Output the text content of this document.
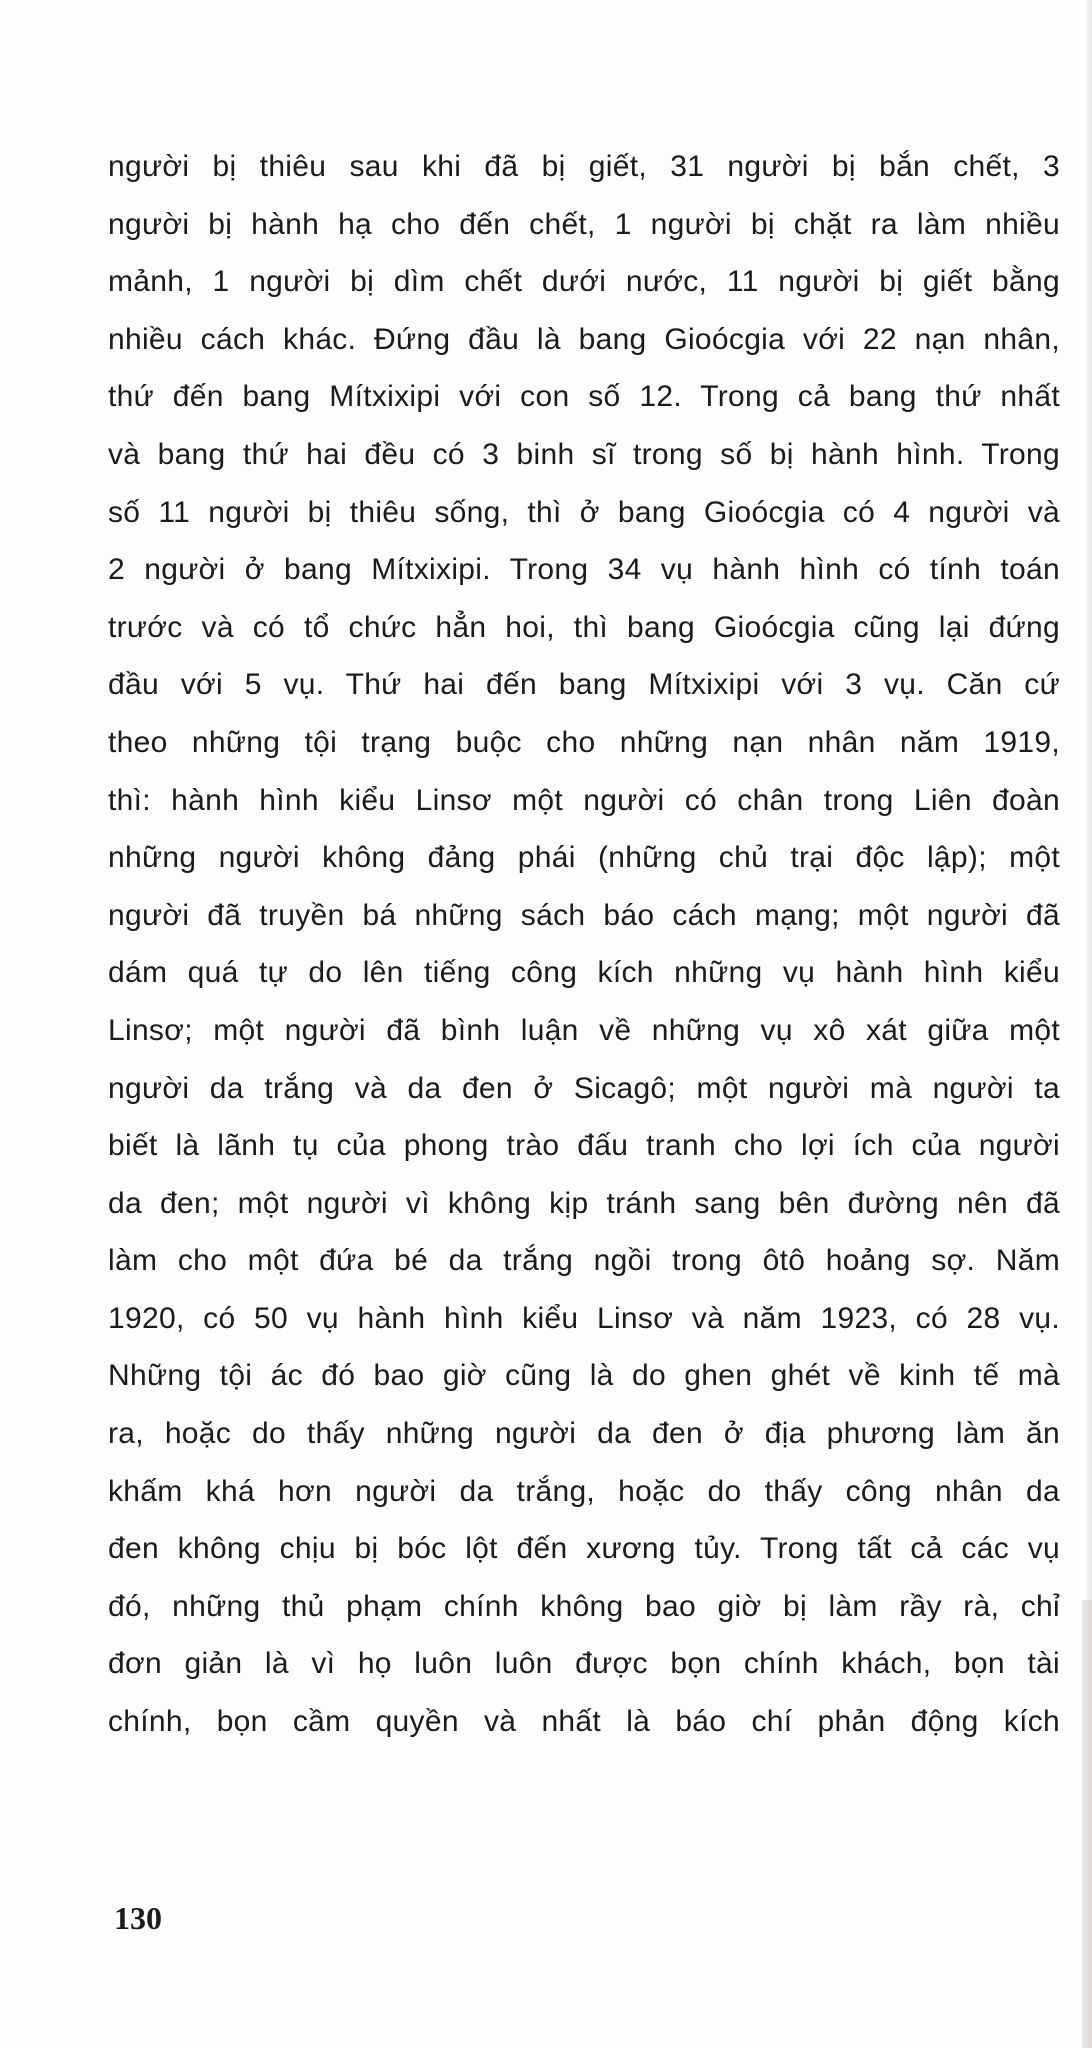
người bị thiêu sau khi đã bị giết, 31 người bị bắn chết, 3
người bị hành hạ cho đến chết, 1 người bị chặt ra làm nhiều
mảnh, 1 người bị dìm chết dưới nước, 11 người bị giết bằng
nhiều cách khác. Đứng đầu là bang Gioócgia với 22 nạn nhân,
thứ đến bang Mítxixipi với con số 12. Trong cả bang thứ nhất
và bang thứ hai đều có 3 binh sĩ trong số bị hành hình. Trong
số 11 người bị thiêu sống, thì ở bang Gioócgia có 4 người và
2 người ở bang Mítxixipi. Trong 34 vụ hành hình có tính toán
trước và có tổ chức hẳn hoi, thì bang Gioócgia cũng lại đứng
đầu với 5 vụ. Thứ hai đến bang Mítxixipi với 3 vụ. Căn cứ
theo những tội trạng buộc cho những nạn nhân năm 1919,
thì: hành hình kiểu Linsơ một người có chân trong Liên đoàn
những người không đảng phái (những chủ trại độc lập); một
người đã truyền bá những sách báo cách mạng; một người đã
dám quá tự do lên tiếng công kích những vụ hành hình kiểu
Linsơ; một người đã bình luận về những vụ xô xát giữa một
người da trắng và da đen ở Sicagô; một người mà người ta
biết là lãnh tụ của phong trào đấu tranh cho lợi ích của người
da đen; một người vì không kịp tránh sang bên đường nên đã
làm cho một đứa bé da trắng ngồi trong ôtô hoảng sợ. Năm
1920, có 50 vụ hành hình kiểu Linsơ và năm 1923, có 28 vụ.
Những tội ác đó bao giờ cũng là do ghen ghét về kinh tế mà
ra, hoặc do thấy những người da đen ở địa phương làm ăn
khấm khá hơn người da trắng, hoặc do thấy công nhân da
đen không chịu bị bóc lột đến xương tủy. Trong tất cả các vụ
đó, những thủ phạm chính không bao giờ bị làm rầy rà, chỉ
đơn giản là vì họ luôn luôn được bọn chính khách, bọn tài
chính, bọn cầm quyền và nhất là báo chí phản động kích
130
